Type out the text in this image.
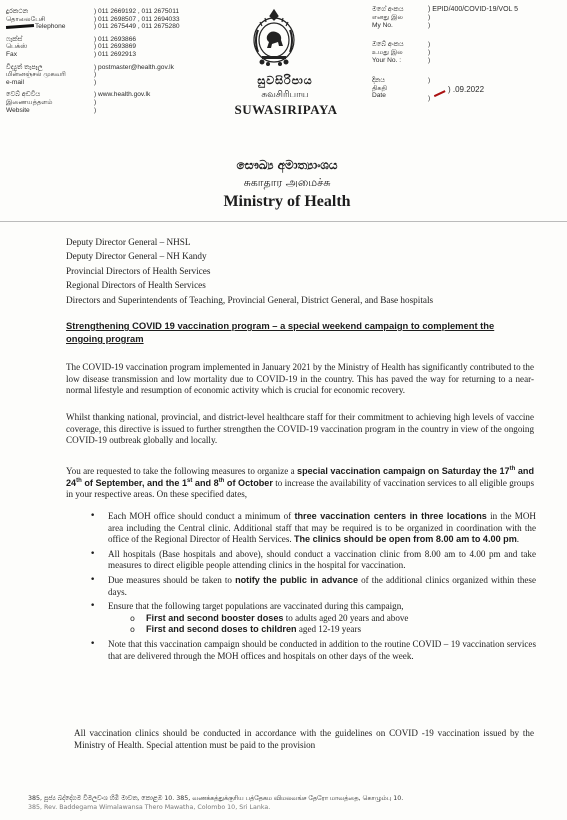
දුරකථන
தொலைபேசி
Telephone
) 011 2669192 , 011 2675011
) 011 2698507 , 011 2694033
) 011 2675449 , 011 2675280
ෆැක්ස්
பெக்ஸ்
Fax
) 011 2693866
) 011 2693869
) 011 2692913
විද්‍යුත් තැපෑල
மின்னஞ்சல் முகவரி
e-mail
) postmaster@health.gov.lk
)
)
වෙබ් අඩවිය
இணையத்தளம்
Website
) www.health.gov.lk
)
)
සුවසිරිපාය
சுவசிரிபாய
SUWASIRIPAYA
මගේ අංකය
எனது இல
My No.
) EPID/400/COVID-19/VOL 5
)
)
ඔබේ අංකය
உமது இல
Your No. :
)
)
)
දිනය
திகதி
Date
)
) .09.2022
)
සෞඛ්‍ය අමාත්‍යාංශය
சுகாதார அமைச்சு
Ministry of Health
Deputy Director General – NHSL
Deputy Director General – NH Kandy
Provincial Directors of Health Services
Regional Directors of Health Services
Directors and Superintendents of Teaching, Provincial General, District General, and Base hospitals
Strengthening COVID 19 vaccination program – a special weekend campaign to complement the ongoing program
The COVID-19 vaccination program implemented in January 2021 by the Ministry of Health has significantly contributed to the low disease transmission and low mortality due to COVID-19 in the country. This has paved the way for returning to a near-normal lifestyle and resumption of economic activity which is crucial for economic recovery.
Whilst thanking national, provincial, and district-level healthcare staff for their commitment to achieving high levels of vaccine coverage, this directive is issued to further strengthen the COVID-19 vaccination program in the country in view of the ongoing COVID-19 outbreak globally and locally.
You are requested to take the following measures to organize a special vaccination campaign on Saturday the 17th and 24th of September, and the 1st and 8th of October to increase the availability of vaccination services to all eligible groups in your respective areas. On these specified dates,
• Each MOH office should conduct a minimum of three vaccination centers in three locations in the MOH area including the Central clinic. Additional staff that may be required is to be organized in coordination with the office of the Regional Director of Health Services. The clinics should be open from 8.00 am to 4.00 pm.
• All hospitals (Base hospitals and above), should conduct a vaccination clinic from 8.00 am to 4.00 pm and take measures to direct eligible people attending clinics in the hospital for vaccination.
• Due measures should be taken to notify the public in advance of the additional clinics organized within these days.
• Ensure that the following target populations are vaccinated during this campaign,
o First and second booster doses to adults aged 20 years and above
o First and second doses to children aged 12-19 years
• Note that this vaccination campaign should be conducted in addition to the routine COVID – 19 vaccination services that are delivered through the MOH offices and hospitals on other days of the week.
All vaccination clinics should be conducted in accordance with the guidelines on COVID -19 vaccination issued by the Ministry of Health. Special attention must be paid to the provision
385, පූජ්‍ය බද්දේගම විමලවංශ හිමි මාවත, කොළඹ 10. 385, வணக்கத்துக்குரிய பத்தேகம விமலவங்ச தேரோ மாவத்தை, கொழும்பு 10.
385, Rev. Baddegama Wimalawansa Thero Mawatha, Colombo 10, Sri Lanka.
